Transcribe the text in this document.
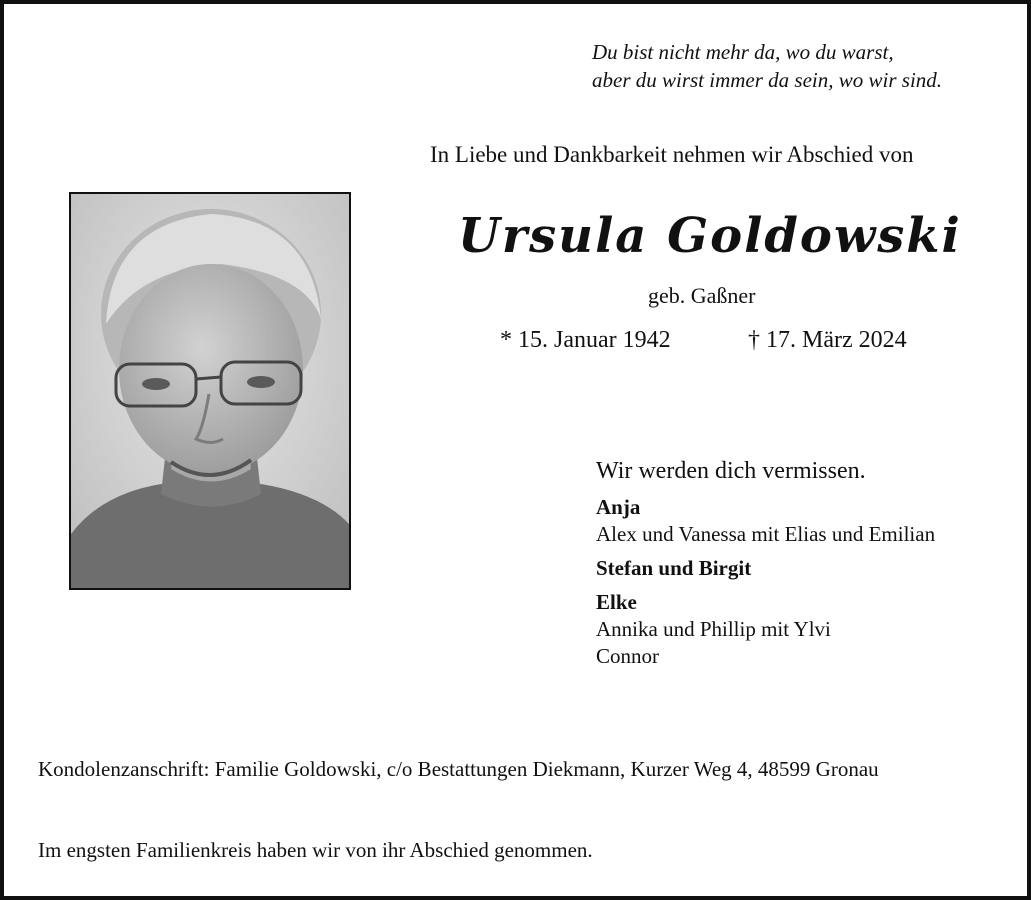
Du bist nicht mehr da, wo du warst,
aber du wirst immer da sein, wo wir sind.
In Liebe und Dankbarkeit nehmen wir Abschied von
Ursula Goldowski
geb. Gaßner
* 15. Januar 1942	† 17. März 2024
Wir werden dich vermissen.
Anja
Alex und Vanessa mit Elias und Emilian
Stefan und Birgit
Elke
Annika und Phillip mit Ylvi
Connor
Kondolenzanschrift: Familie Goldowski, c/o Bestattungen Diekmann, Kurzer Weg 4, 48599 Gronau
Im engsten Familienkreis haben wir von ihr Abschied genommen.
